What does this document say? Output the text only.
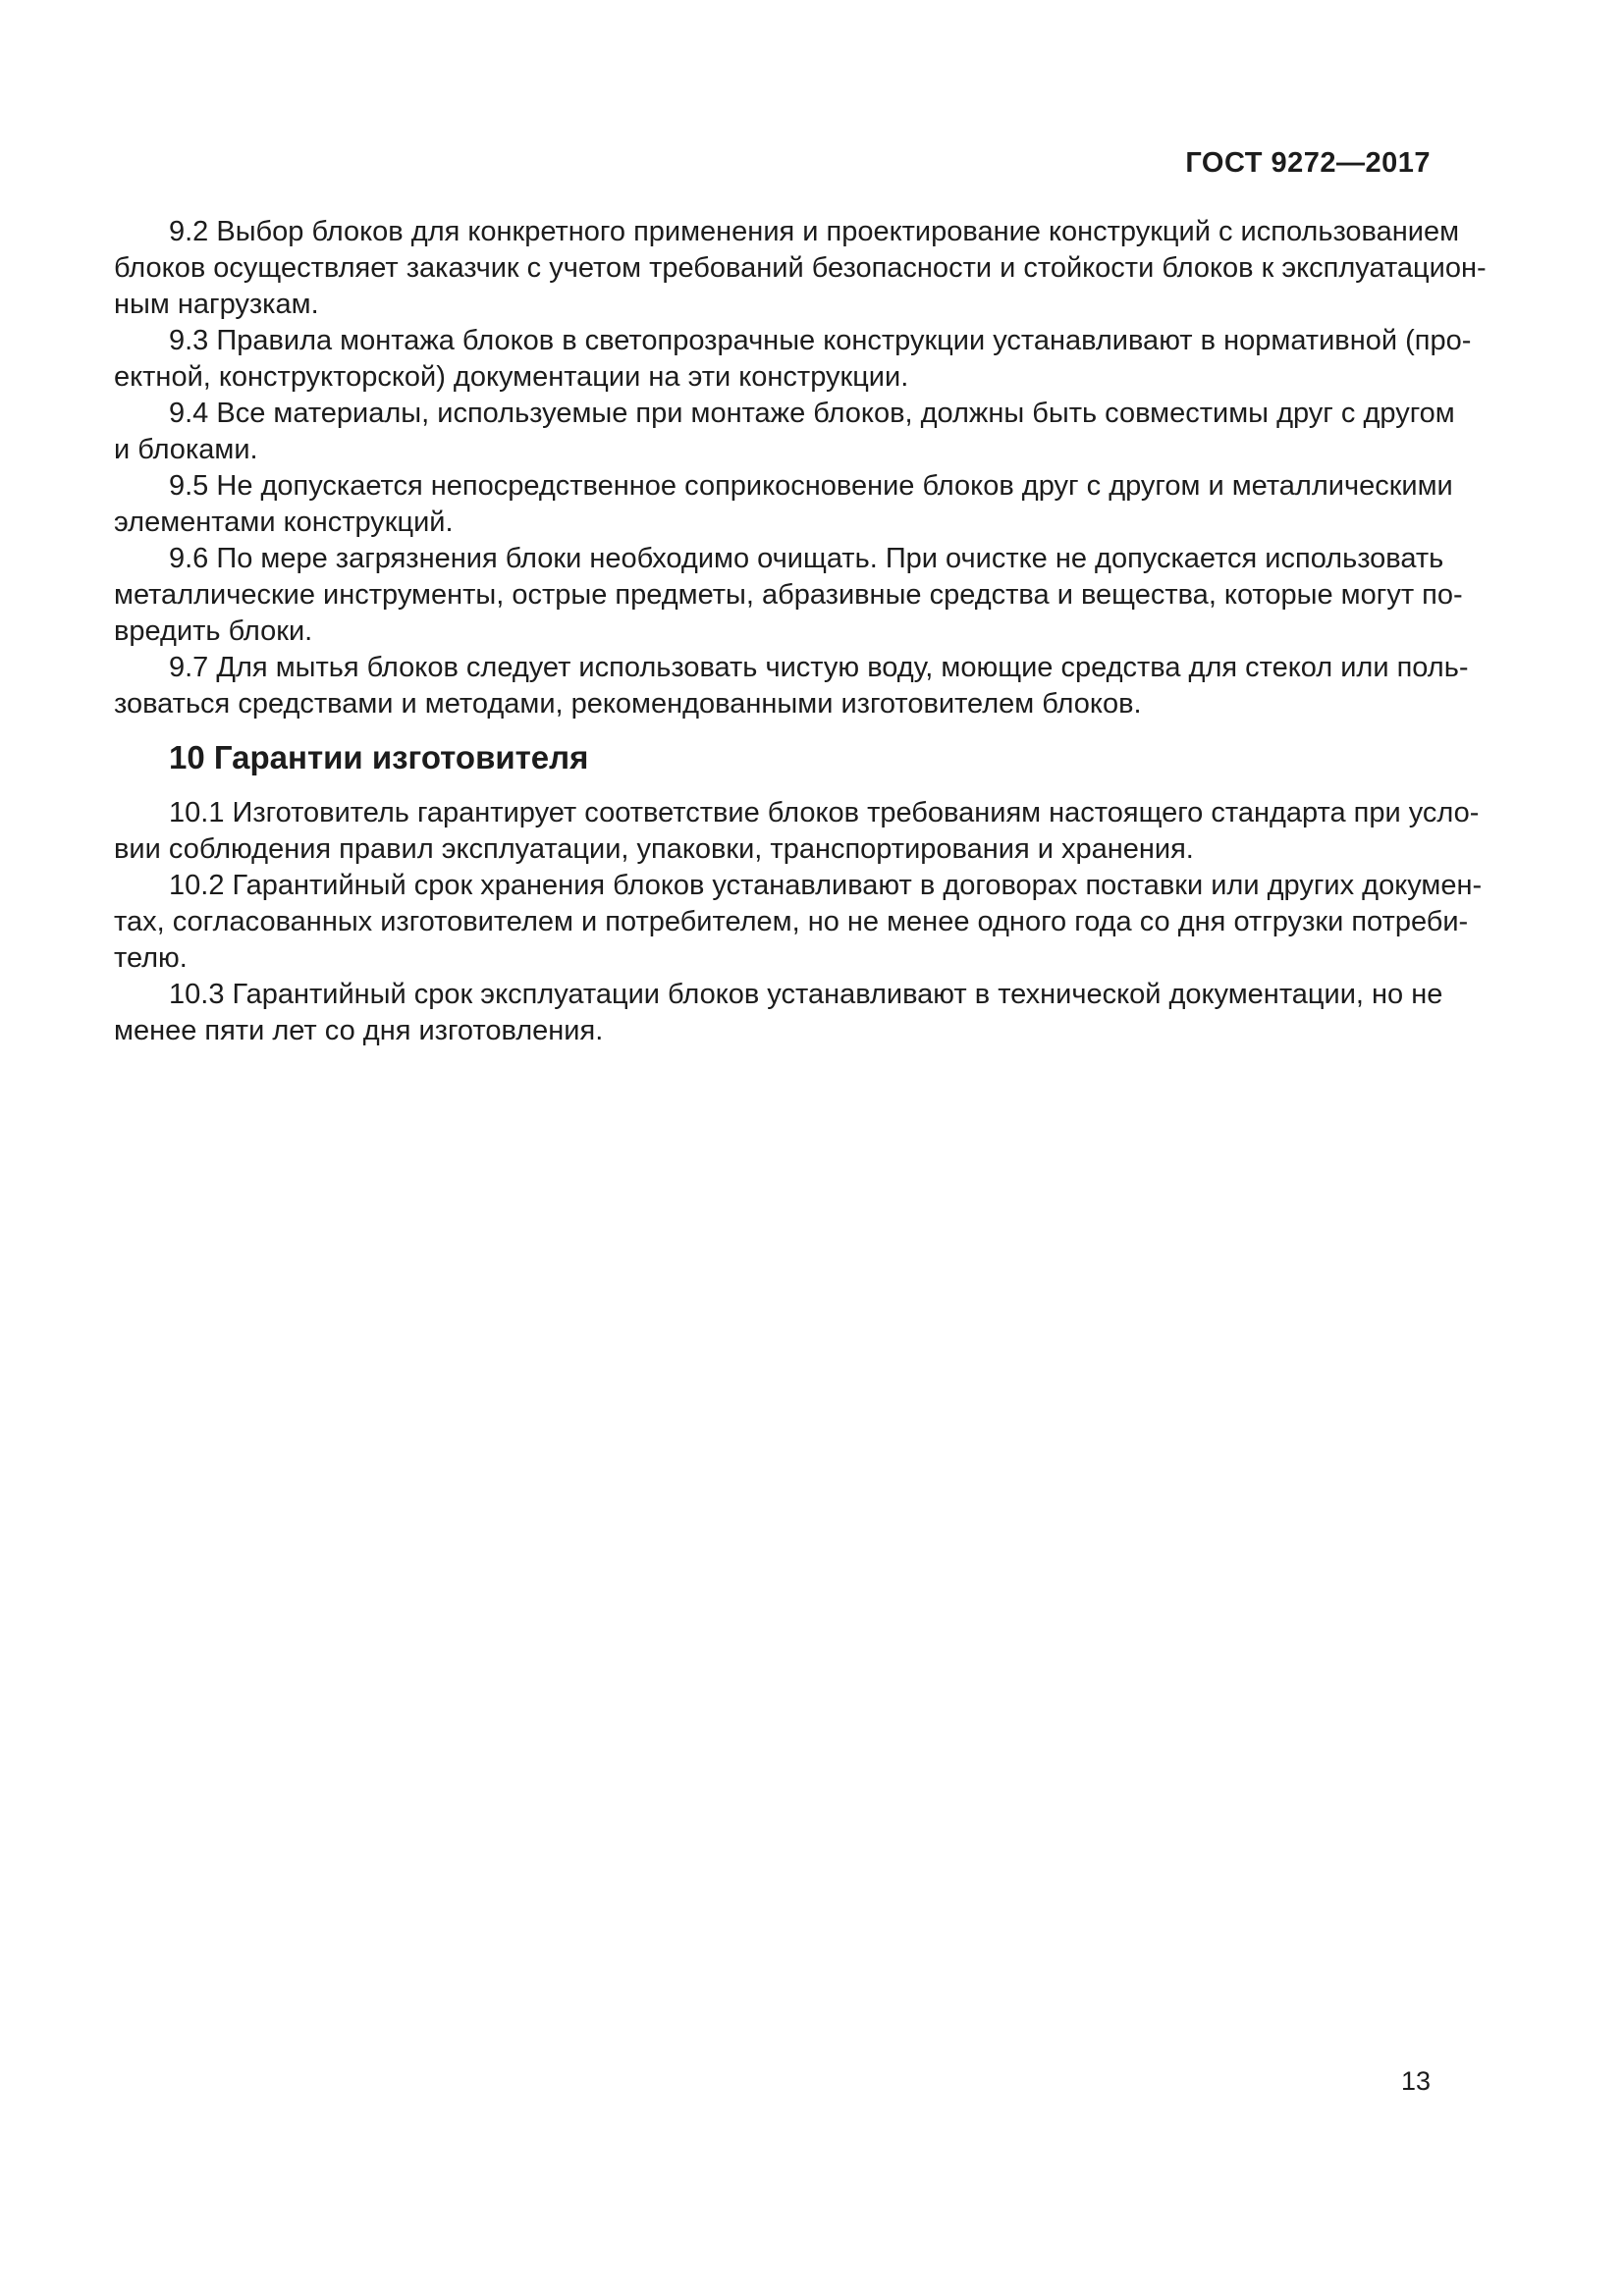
ГОСТ 9272—2017
9.2 Выбор блоков для конкретного применения и проектирование конструкций с использованием
блоков осуществляет заказчик с учетом требований безопасности и стойкости блоков к эксплуатацион-
ным нагрузкам.
9.3 Правила монтажа блоков в светопрозрачные конструкции устанавливают в нормативной (про-
ектной, конструкторской) документации на эти конструкции.
9.4 Все материалы, используемые при монтаже блоков, должны быть совместимы друг с другом
и блоками.
9.5 Не допускается непосредственное соприкосновение блоков друг с другом и металлическими
элементами конструкций.
9.6 По мере загрязнения блоки необходимо очищать. При очистке не допускается использовать
металлические инструменты, острые предметы, абразивные средства и вещества, которые могут по-
вредить блоки.
9.7 Для мытья блоков следует использовать чистую воду, моющие средства для стекол или поль-
зоваться средствами и методами, рекомендованными изготовителем блоков.
10 Гарантии изготовителя
10.1 Изготовитель гарантирует соответствие блоков требованиям настоящего стандарта при усло-
вии соблюдения правил эксплуатации, упаковки, транспортирования и хранения.
10.2 Гарантийный срок хранения блоков устанавливают в договорах поставки или других докумен-
тах, согласованных изготовителем и потребителем, но не менее одного года со дня отгрузки потреби-
телю.
10.3 Гарантийный срок эксплуатации блоков устанавливают в технической документации, но не
менее пяти лет со дня изготовления.
13
